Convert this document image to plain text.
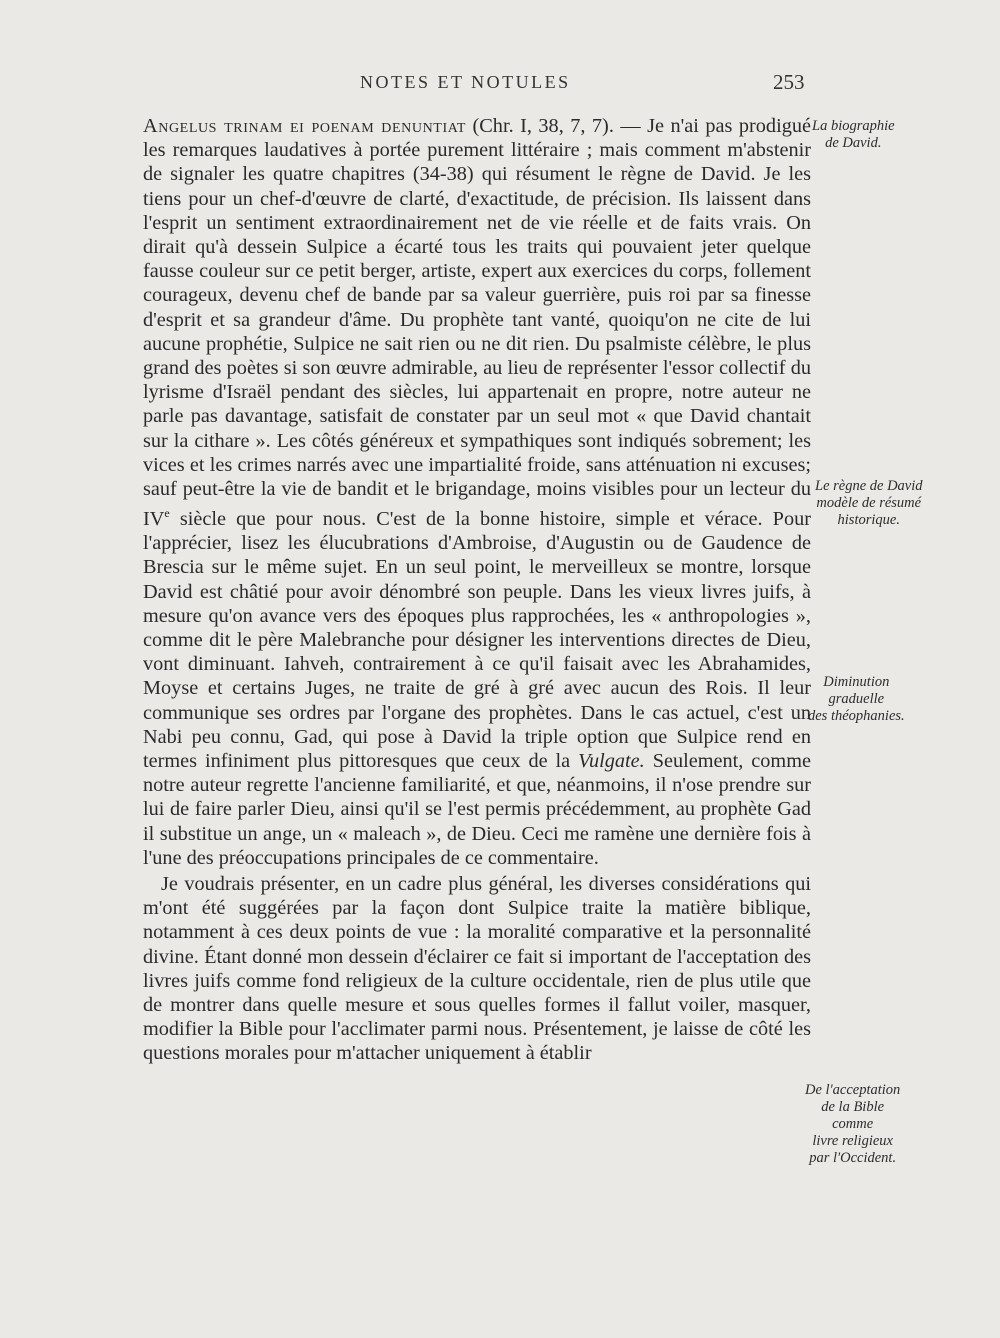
NOTES ET NOTULES	253

Angelus trinam ei poenam denuntiat (Chr. I, 38, 7, 7). — Je n'ai pas prodigué les remarques laudatives à portée purement littéraire ; mais comment m'abstenir de signaler les quatre chapitres (34-38) qui résument le règne de David. Je les tiens pour un chef-d'œuvre de clarté, d'exactitude, de précision. Ils laissent dans l'esprit un sentiment extraordinairement net de vie réelle et de faits vrais. On dirait qu'à dessein Sulpice a écarté tous les traits qui pouvaient jeter quelque fausse couleur sur ce petit berger, artiste, expert aux exercices du corps, follement courageux, devenu chef de bande par sa valeur guerrière, puis roi par sa finesse d'esprit et sa grandeur d'âme. Du prophète tant vanté, quoiqu'on ne cite de lui aucune prophétie, Sulpice ne sait rien ou ne dit rien. Du psalmiste célèbre, le plus grand des poètes si son œuvre admirable, au lieu de représenter l'essor collectif du lyrisme d'Israël pendant des siècles, lui appartenait en propre, notre auteur ne parle pas davantage, satisfait de constater par un seul mot « que David chantait sur la cithare ». Les côtés généreux et sympathiques sont indiqués sobrement; les vices et les crimes narrés avec une impartialité froide, sans atténuation ni excuses; sauf peut-être la vie de bandit et le brigandage, moins visibles pour un lecteur du IVe siècle que pour nous. C'est de la bonne histoire, simple et véracе. Pour l'apprécier, lisez les élucubrations d'Ambroise, d'Augustin ou de Gaudence de Brescia sur le même sujet. En un seul point, le merveilleux se montre, lorsque David est châtié pour avoir dénombré son peuple. Dans les vieux livres juifs, à mesure qu'on avance vers des époques plus rapprochées, les « anthropologies », comme dit le père Malebranche pour désigner les interventions directes de Dieu, vont diminuant. Iahveh, contrairement à ce qu'il faisait avec les Abrahamides, Moyse et certains Juges, ne traite de gré à gré avec aucun des Rois. Il leur communique ses ordres par l'organe des prophètes. Dans le cas actuel, c'est un Nabi peu connu, Gad, qui pose à David la triple option que Sulpice rend en termes infiniment plus pittoresques que ceux de la Vulgate. Seulement, comme notre auteur regrette l'ancienne familiarité, et que, néanmoins, il n'ose prendre sur lui de faire parler Dieu, ainsi qu'il se l'est permis précédemment, au prophète Gad il substitue un ange, un « maleach », de Dieu. Ceci me ramène une dernière fois à l'une des préoccupations principales de ce commentaire.

Je voudrais présenter, en un cadre plus général, les diverses considérations qui m'ont été suggérées par la façon dont Sulpice traite la matière biblique, notamment à ces deux points de vue : la moralité comparative et la personnalité divine. Étant donné mon dessein d'éclairer ce fait si important de l'acceptation des livres juifs comme fond religieux de la culture occidentale, rien de plus utile que de montrer dans quelle mesure et sous quelles formes il fallut voiler, masquer, modifier la Bible pour l'acclimater parmi nous. Présentement, je laisse de côté les questions morales pour m'attacher uniquement à établir

La biographie
de David.
Le règne de David
modèle de résumé
historique.
Diminution
graduelle
des théophanies.
De l'acceptation
de la Bible
comme
livre religieux
par l'Occident.
